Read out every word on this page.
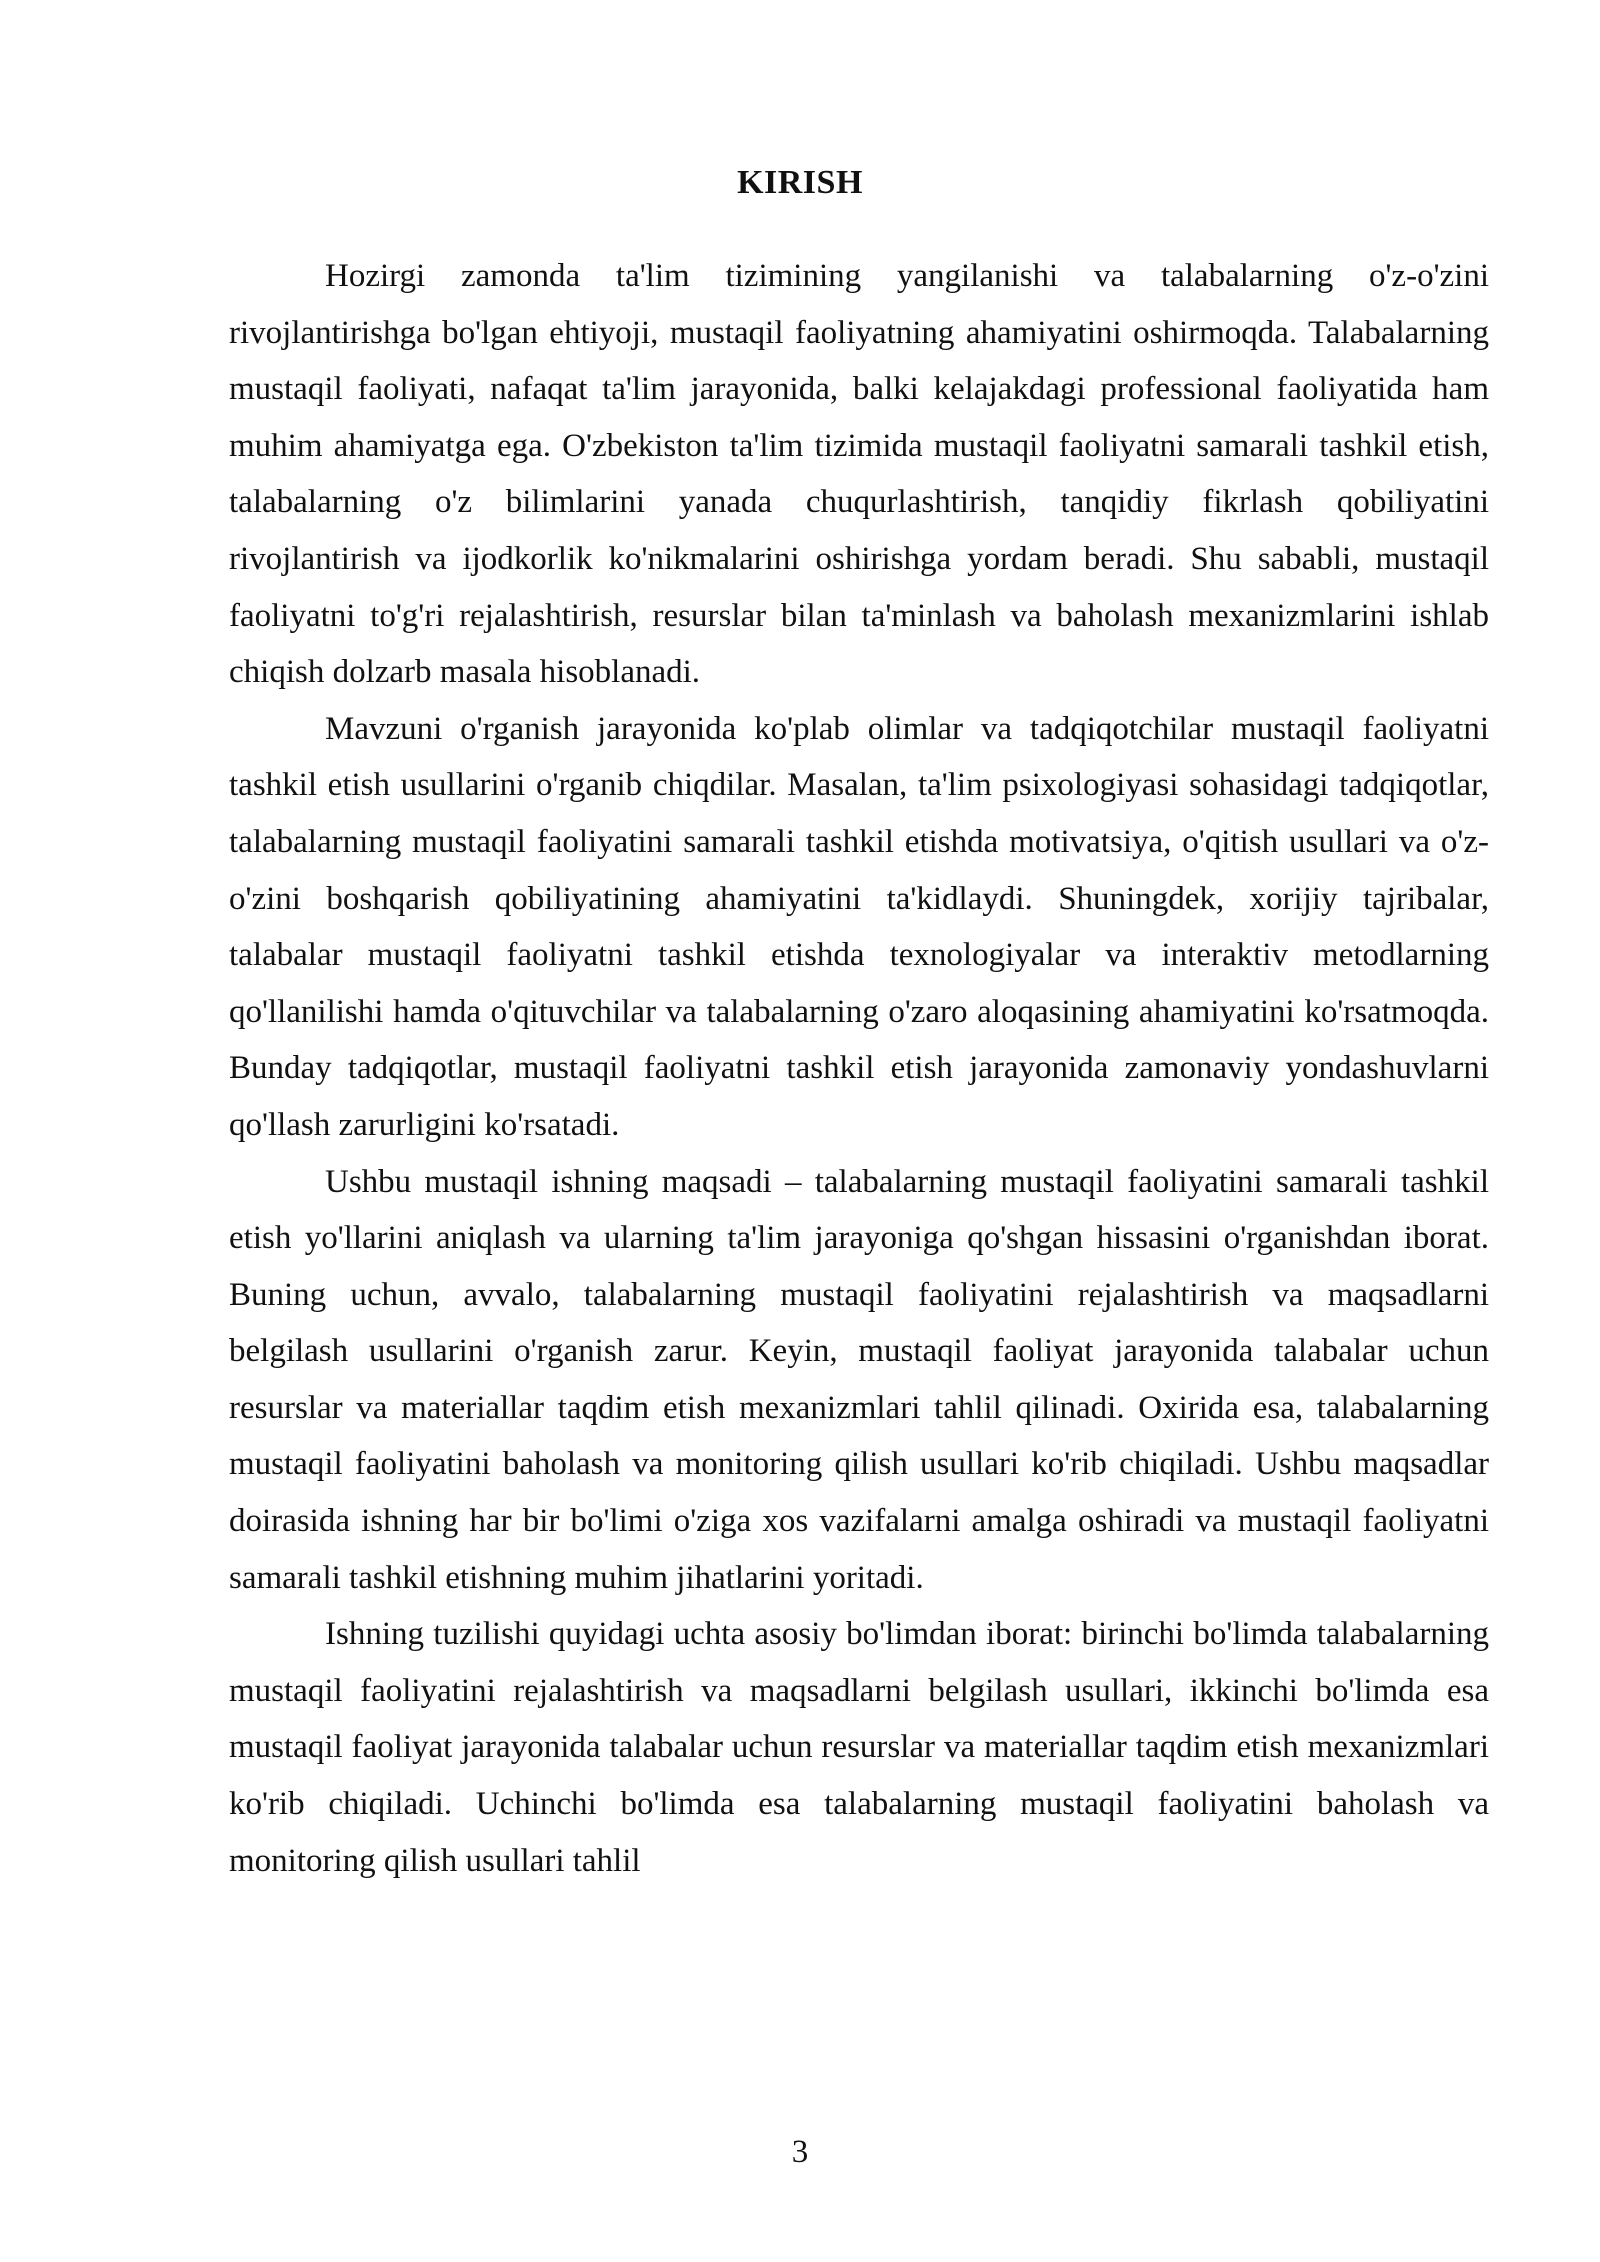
KIRISH

Hozirgi zamonda ta'lim tizimining yangilanishi va talabalarning o'z-o'zini rivojlantirishga bo'lgan ehtiyoji, mustaqil faoliyatning ahamiyatini oshirmoqda. Talabalarning mustaqil faoliyati, nafaqat ta'lim jarayonida, balki kelajakdagi professional faoliyatida ham muhim ahamiyatga ega. O'zbekiston ta'lim tizimida mustaqil faoliyatni samarali tashkil etish, talabalarning o'z bilimlarini yanada chuqurlashtirish, tanqidiy fikrlash qobiliyatini rivojlantirish va ijodkorlik ko'nikmalarini oshirishga yordam beradi. Shu sababli, mustaqil faoliyatni to'g'ri rejalashtirish, resurslar bilan ta'minlash va baholash mexanizmlarini ishlab chiqish dolzarb masala hisoblanadi.

Mavzuni o'rganish jarayonida ko'plab olimlar va tadqiqotchilar mustaqil faoliyatni tashkil etish usullarini o'rganib chiqdilar. Masalan, ta'lim psixologiyasi sohasidagi tadqiqotlar, talabalarning mustaqil faoliyatini samarali tashkil etishda motivatsiya, o'qitish usullari va o'z-o'zini boshqarish qobiliyatining ahamiyatini ta'kidlaydi. Shuningdek, xorijiy tajribalar, talabalar mustaqil faoliyatni tashkil etishda texnologiyalar va interaktiv metodlarning qo'llanilishi hamda o'qituvchilar va talabalarning o'zaro aloqasining ahamiyatini ko'rsatmoqda. Bunday tadqiqotlar, mustaqil faoliyatni tashkil etish jarayonida zamonaviy yondashuvlarni qo'llash zarurligini ko'rsatadi.

Ushbu mustaqil ishning maqsadi – talabalarning mustaqil faoliyatini samarali tashkil etish yo'llarini aniqlash va ularning ta'lim jarayoniga qo'shgan hissasini o'rganishdan iborat. Buning uchun, avvalo, talabalarning mustaqil faoliyatini rejalashtirish va maqsadlarni belgilash usullarini o'rganish zarur. Keyin, mustaqil faoliyat jarayonida talabalar uchun resurslar va materiallar taqdim etish mexanizmlari tahlil qilinadi. Oxirida esa, talabalarning mustaqil faoliyatini baholash va monitoring qilish usullari ko'rib chiqiladi. Ushbu maqsadlar doirasida ishning har bir bo'limi o'ziga xos vazifalarni amalga oshiradi va mustaqil faoliyatni samarali tashkil etishning muhim jihatlarini yoritadi.

Ishning tuzilishi quyidagi uchta asosiy bo'limdan iborat: birinchi bo'limda talabalarning mustaqil faoliyatini rejalashtirish va maqsadlarni belgilash usullari, ikkinchi bo'limda esa mustaqil faoliyat jarayonida talabalar uchun resurslar va materiallar taqdim etish mexanizmlari ko'rib chiqiladi. Uchinchi bo'limda esa talabalarning mustaqil faoliyatini baholash va monitoring qilish usullari tahlil

3
